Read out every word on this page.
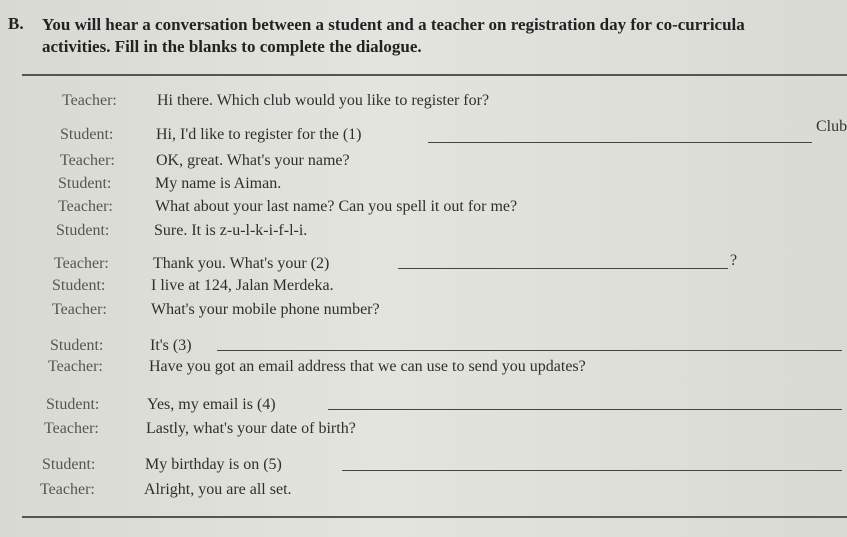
B. You will hear a conversation between a student and a teacher on registration day for co-curricula
activities. Fill in the blanks to complete the dialogue.
Teacher:	Hi there. Which club would you like to register for?
Student:	Hi, I'd like to register for the (1)	Club
Teacher:	OK, great. What's your name?
Student:	My name is Aiman.
Teacher:	What about your last name? Can you spell it out for me?
Student:	Sure. It is z-u-l-k-i-f-l-i.
Teacher:	Thank you. What's your (2)	?
Student:	I live at 124, Jalan Merdeka.
Teacher:	What's your mobile phone number?
Student:	It's (3)
Teacher:	Have you got an email address that we can use to send you updates?
Student:	Yes, my email is (4)
Teacher:	Lastly, what's your date of birth?
Student:	My birthday is on (5)
Teacher:	Alright, you are all set.
